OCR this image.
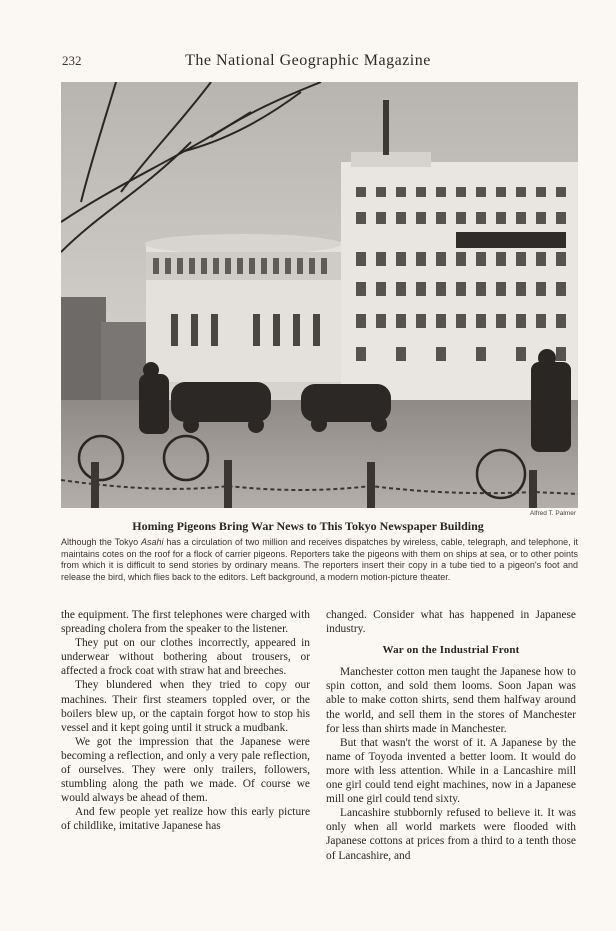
232	The National Geographic Magazine
Alfred T. Palmer
Homing Pigeons Bring War News to This Tokyo Newspaper Building
Although the Tokyo Asahi has a circulation of two million and receives dispatches by wireless, cable, telegraph, and telephone, it maintains cotes on the roof for a flock of carrier pigeons. Reporters take the pigeons with them on ships at sea, or to other points from which it is difficult to send stories by ordinary means. The reporters insert their copy in a tube tied to a pigeon's foot and release the bird, which flies back to the editors. Left background, a modern motion-picture theater.

the equipment. The first telephones were charged with spreading cholera from the speaker to the listener.

They put on our clothes incorrectly, appeared in underwear without bothering about trousers, or affected a frock coat with straw hat and breeches.

They blundered when they tried to copy our machines. Their first steamers toppled over, or the boilers blew up, or the captain forgot how to stop his vessel and it kept going until it struck a mudbank.

We got the impression that the Japanese were becoming a reflection, and only a very pale reflection, of ourselves. They were only trailers, followers, stumbling along the path we made. Of course we would always be ahead of them.

And few people yet realize how this early picture of childlike, imitative Japanese has

changed. Consider what has happened in Japanese industry.

War on the Industrial Front

Manchester cotton men taught the Japanese how to spin cotton, and sold them looms. Soon Japan was able to make cotton shirts, send them halfway around the world, and sell them in the stores of Manchester for less than shirts made in Manchester.

But that wasn't the worst of it. A Japanese by the name of Toyoda invented a better loom. It would do more with less attention. While in a Lancashire mill one girl could tend eight machines, now in a Japanese mill one girl could tend sixty.

Lancashire stubbornly refused to believe it. It was only when all world markets were flooded with Japanese cottons at prices from a third to a tenth those of Lancashire, and
